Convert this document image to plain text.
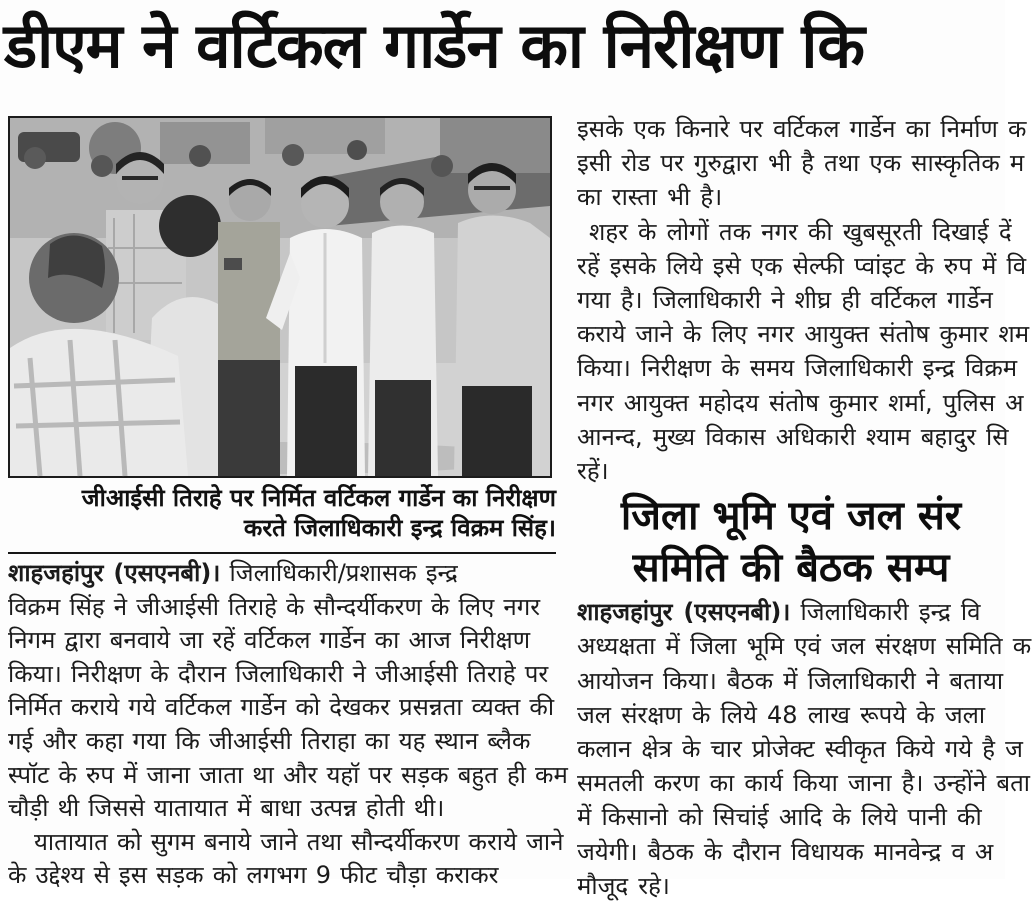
डीएम ने वर्टिकल गार्डेन का निरीक्षण कि
जीआईसी तिराहे पर निर्मित वर्टिकल गार्डेन का निरीक्षण
करते जिलाधिकारी इन्द्र विक्रम सिंह।
शाहजहांपुर (एसएनबी)। जिलाधिकारी/प्रशासक इन्द्र
विक्रम सिंह ने जीआईसी तिराहे के सौन्दर्यीकरण के लिए नगर
निगम द्वारा बनवाये जा रहें वर्टिकल गार्डेन का आज निरीक्षण
किया। निरीक्षण के दौरान जिलाधिकारी ने जीआईसी तिराहे पर
निर्मित कराये गये वर्टिकल गार्डेन को देखकर प्रसन्नता व्यक्त की
गई और कहा गया कि जीआईसी तिराहा का यह स्थान ब्लैक
स्पॉट के रुप में जाना जाता था और यहॉ पर सड़क बहुत ही कम
चौड़ी थी जिससे यातायात में बाधा उत्पन्न होती थी।
यातायात को सुगम बनाये जाने तथा सौन्दर्यीकरण कराये जाने
के उद्देश्य से इस सड़क को लगभग 9 फीट चौड़ा कराकर
इसके एक किनारे पर वर्टिकल गार्डेन का निर्माण क
इसी रोड पर गुरुद्वारा भी है तथा एक सास्कृतिक म
का रास्ता भी है।
शहर के लोगों तक नगर की खुबसूरती दिखाई दें
रहें इसके लिये इसे एक सेल्फी प्वांइट के रुप में वि
गया है। जिलाधिकारी ने शीघ्र ही वर्टिकल गार्डेन
कराये जाने के लिए नगर आयुक्त संतोष कुमार शम
किया। निरीक्षण के समय जिलाधिकारी इन्द्र विक्रम
नगर आयुक्त महोदय संतोष कुमार शर्मा, पुलिस अ
आनन्द, मुख्य विकास अधिकारी श्याम बहादुर सि
रहें।
जिला भूमि एवं जल संर
समिति की बैठक सम्प
शाहजहांपुर (एसएनबी)। जिलाधिकारी इन्द्र वि
अध्यक्षता में जिला भूमि एवं जल संरक्षण समिति क
आयोजन किया। बैठक में जिलाधिकारी ने बताया
जल संरक्षण के लिये 48 लाख रूपये के जला
कलान क्षेत्र के चार प्रोजेक्ट स्वीकृत किये गये है ज
समतली करण का कार्य किया जाना है। उन्होंने बता
में किसानो को सिचांई आदि के लिये पानी की
जयेगी। बैठक के दौरान विधायक मानवेन्द्र व अ
मौजूद रहे।
